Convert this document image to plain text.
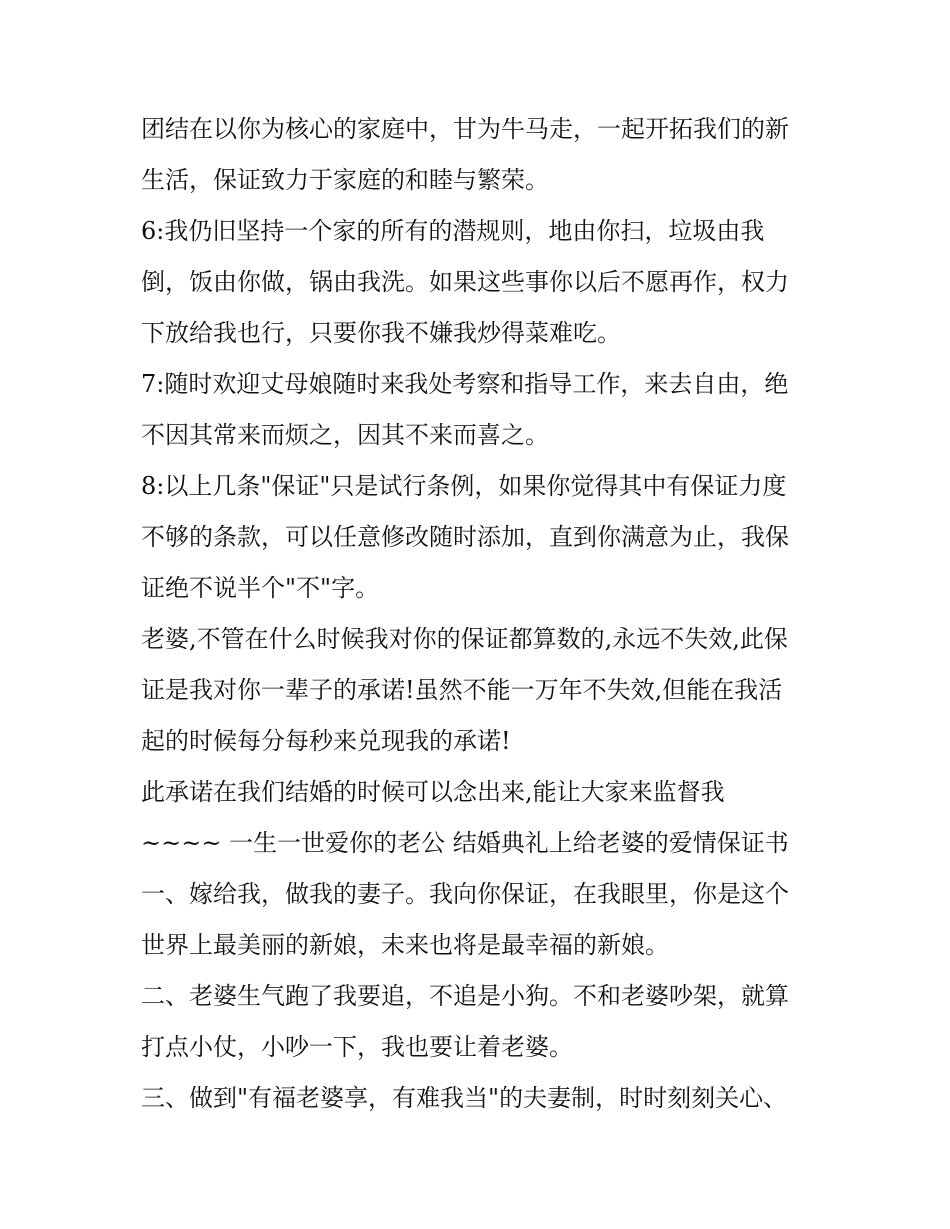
团结在以你为核心的家庭中，甘为牛马走，一起开拓我们的新
生活，保证致力于家庭的和睦与繁荣。
6:我仍旧坚持一个家的所有的潜规则，地由你扫，垃圾由我
倒，饭由你做，锅由我洗。如果这些事你以后不愿再作，权力
下放给我也行，只要你我不嫌我炒得菜难吃。
7:随时欢迎丈母娘随时来我处考察和指导工作，来去自由，绝
不因其常来而烦之，因其不来而喜之。
8:以上几条"保证"只是试行条例，如果你觉得其中有保证力度
不够的条款，可以任意修改随时添加，直到你满意为止，我保
证绝不说半个"不"字。
老婆,不管在什么时候我对你的保证都算数的,永远不失效,此保
证是我对你一辈子的承诺!虽然不能一万年不失效,但能在我活
起的时候每分每秒来兑现我的承诺!
此承诺在我们结婚的时候可以念出来,能让大家来监督我
~~~~ 一生一世爱你的老公 结婚典礼上给老婆的爱情保证书
一、嫁给我，做我的妻子。我向你保证，在我眼里，你是这个
世界上最美丽的新娘，未来也将是最幸福的新娘。
二、老婆生气跑了我要追，不追是小狗。不和老婆吵架，就算
打点小仗，小吵一下，我也要让着老婆。
三、做到"有福老婆享，有难我当"的夫妻制，时时刻刻关心、
